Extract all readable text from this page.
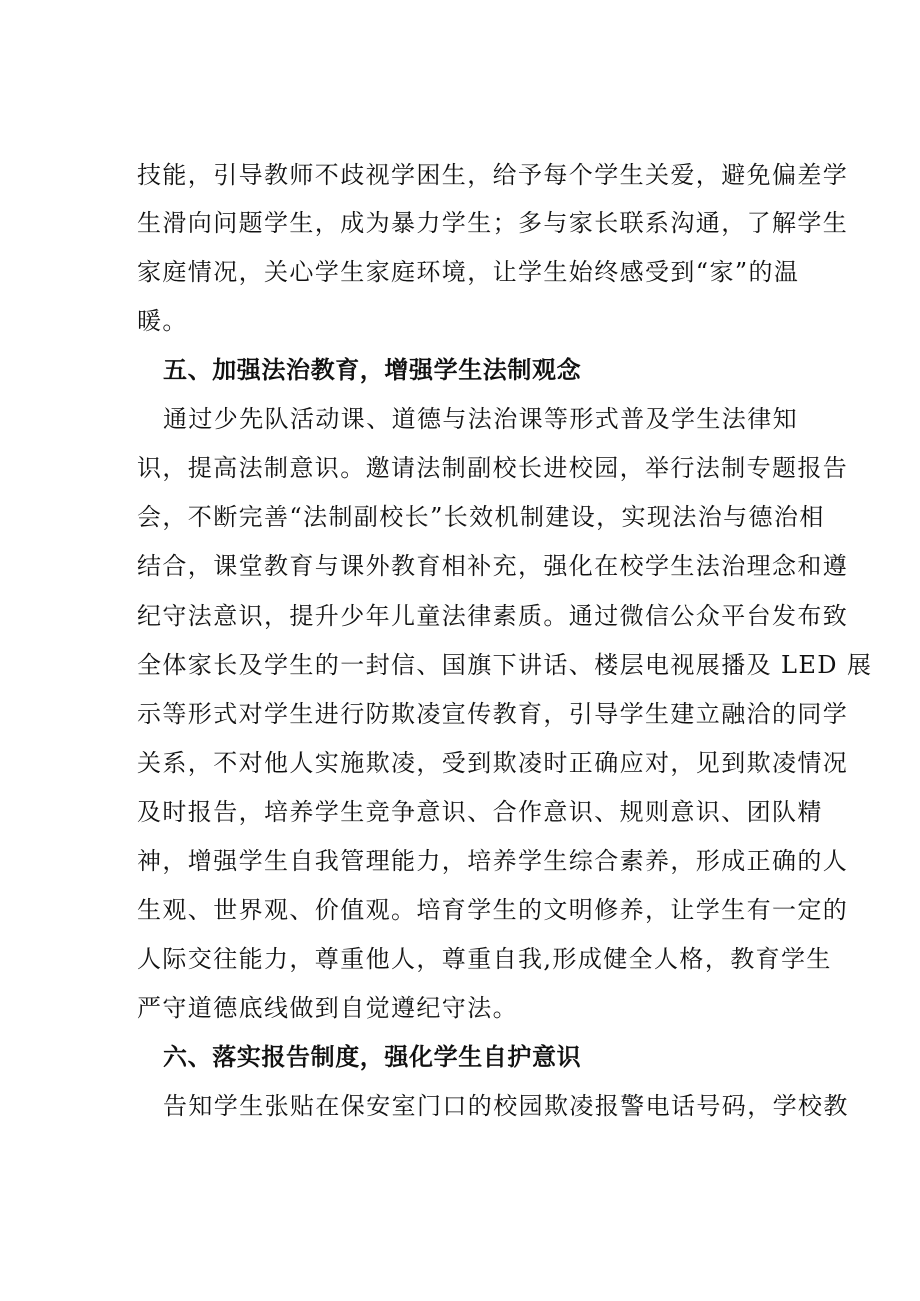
技能，引导教师不歧视学困生，给予每个学生关爱，避免偏差学
生滑向问题学生，成为暴力学生；多与家长联系沟通，了解学生
家庭情况，关心学生家庭环境，让学生始终感受到“家”的温
暖。
五、加强法治教育，增强学生法制观念
通过少先队活动课、道德与法治课等形式普及学生法律知
识，提高法制意识。邀请法制副校长进校园，举行法制专题报告
会，不断完善“法制副校长”长效机制建设，实现法治与德治相
结合，课堂教育与课外教育相补充，强化在校学生法治理念和遵
纪守法意识，提升少年儿童法律素质。通过微信公众平台发布致
全体家长及学生的一封信、国旗下讲话、楼层电视展播及 LED 展
示等形式对学生进行防欺凌宣传教育，引导学生建立融洽的同学
关系，不对他人实施欺凌，受到欺凌时正确应对，见到欺凌情况
及时报告，培养学生竞争意识、合作意识、规则意识、团队精
神，增强学生自我管理能力，培养学生综合素养，形成正确的人
生观、世界观、价值观。培育学生的文明修养，让学生有一定的
人际交往能力，尊重他人，尊重自我,形成健全人格，教育学生
严守道德底线做到自觉遵纪守法。
六、落实报告制度，强化学生自护意识
告知学生张贴在保安室门口的校园欺凌报警电话号码，学校教
